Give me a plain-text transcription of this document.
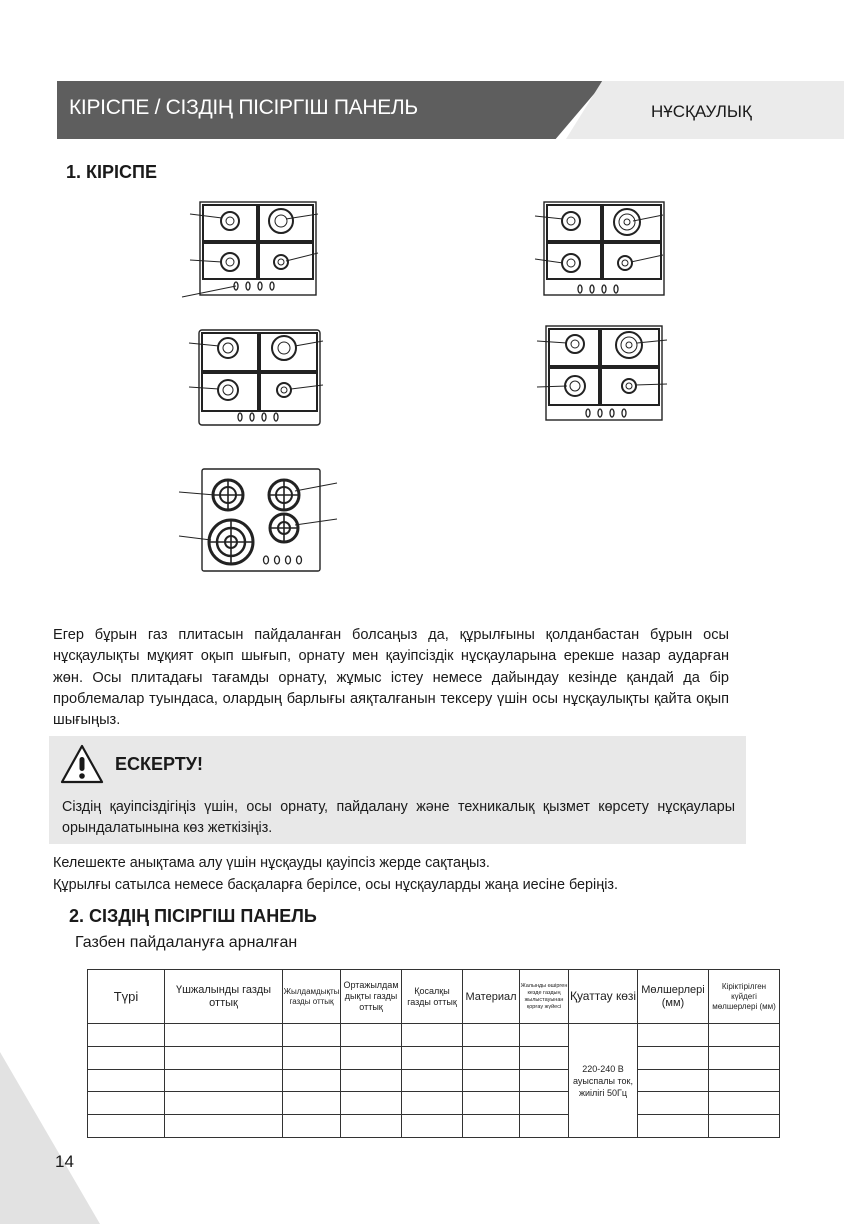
КІРІСПЕ / СІЗДІҢ ПІСІРГІШ ПАНЕЛЬ	НҰСҚАУЛЫҚ
1. КІРІСПЕ
Егер бұрын газ плитасын пайдаланған болсаңыз да, құрылғыны қолданбастан бұрын осы нұсқаулықты мұқият оқып шығып, орнату мен қауіпсіздік нұсқауларына ерекше назар аударған жөн. Осы плитадағы тағамды орнату, жұмыс істеу немесе дайындау кезінде қандай да бір проблемалар туындаса, олардың барлығы аяқталғанын тексеру үшін осы нұсқаулықты қайта оқып шығыңыз.
ЕСКЕРТУ!
Сіздің қауіпсіздігіңіз үшін, осы орнату, пайдалану және техникалық қызмет көрсету нұсқаулары орындалатынына көз жеткізіңіз.
Келешекте анықтама алу үшін нұсқауды қауіпсіз жерде сақтаңыз.
Құрылғы сатылса немесе басқаларға берілсе, осы нұсқауларды жаңа иесіне беріңіз.
2. СІЗДІҢ ПІСІРГІШ ПАНЕЛЬ
Газбен пайдалануға арналған
Түрі	Үшжалынды газды оттық	Жылдамдықты газды оттық	Ортажылдам дықты газды оттық	Қосалқы газды оттық	Материал	Жалынды өшірген кезде газдың жылыстауынан қорғау жүйесі	Қуаттау көзі	Мөлшерлері (мм)	Кіріктірілген күйдегі мөлшерлері (мм)
							220-240 В ауыспалы ток, жиілігі 50Гц		

14
